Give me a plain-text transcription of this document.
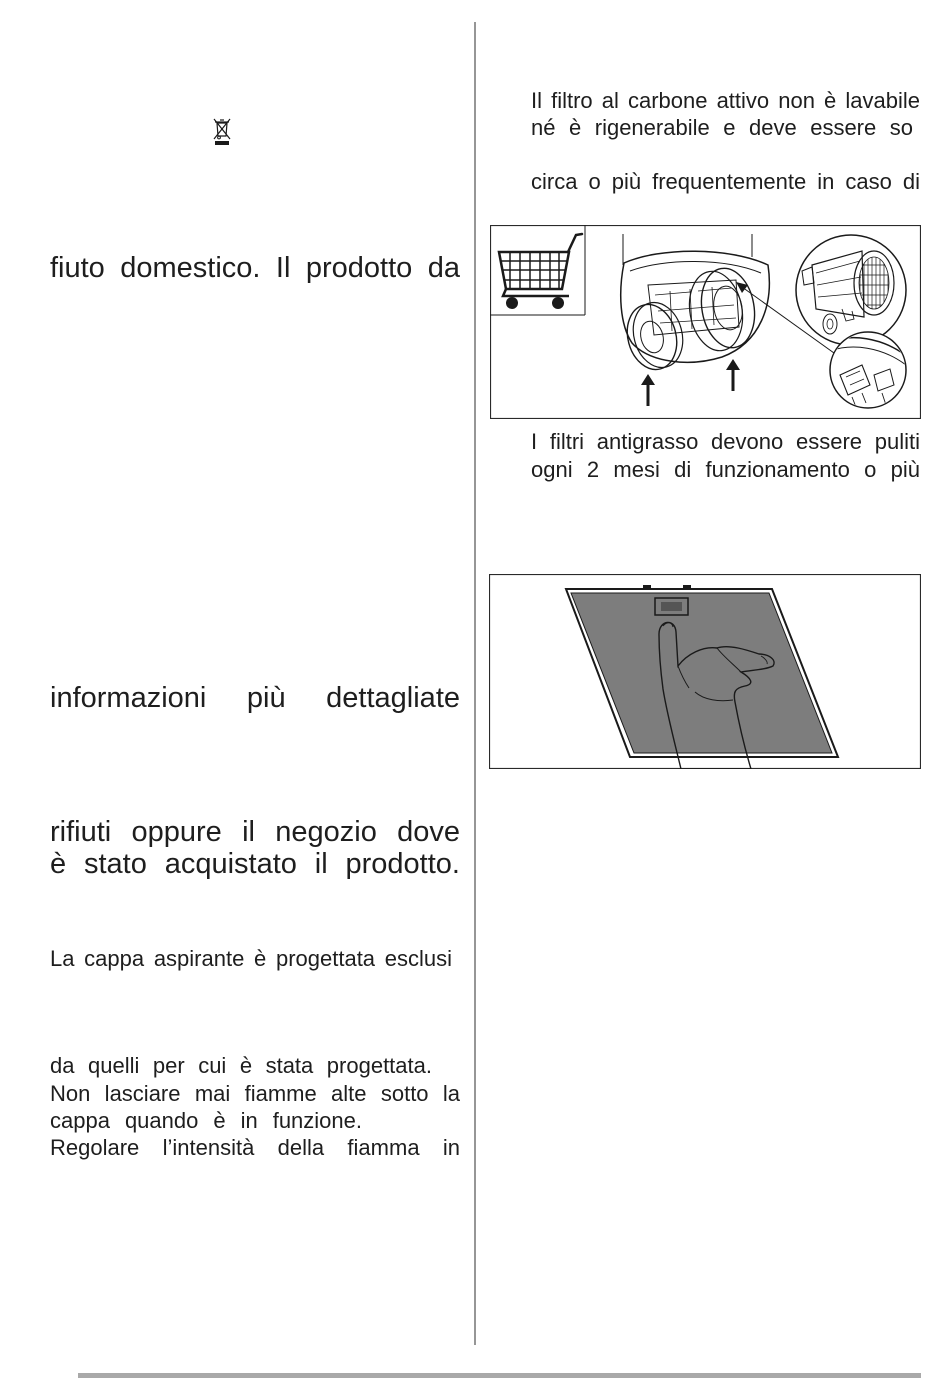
fiuto domestico. Il prodotto da
informazioni più dettagliate
rifiuti oppure il negozio dove
è stato acquistato il prodotto.
La cappa aspirante è progettata esclusi
da quelli per cui è stata progettata.
Non lasciare mai fiamme alte sotto la
cappa quando è in funzione.
Regolare l’intensità della fiamma in
Il filtro al carbone attivo non è lavabile
né è rigenerabile e deve essere so
circa o più frequentemente in caso di
I filtri antigrasso devono essere puliti
ogni 2 mesi di funzionamento o più
